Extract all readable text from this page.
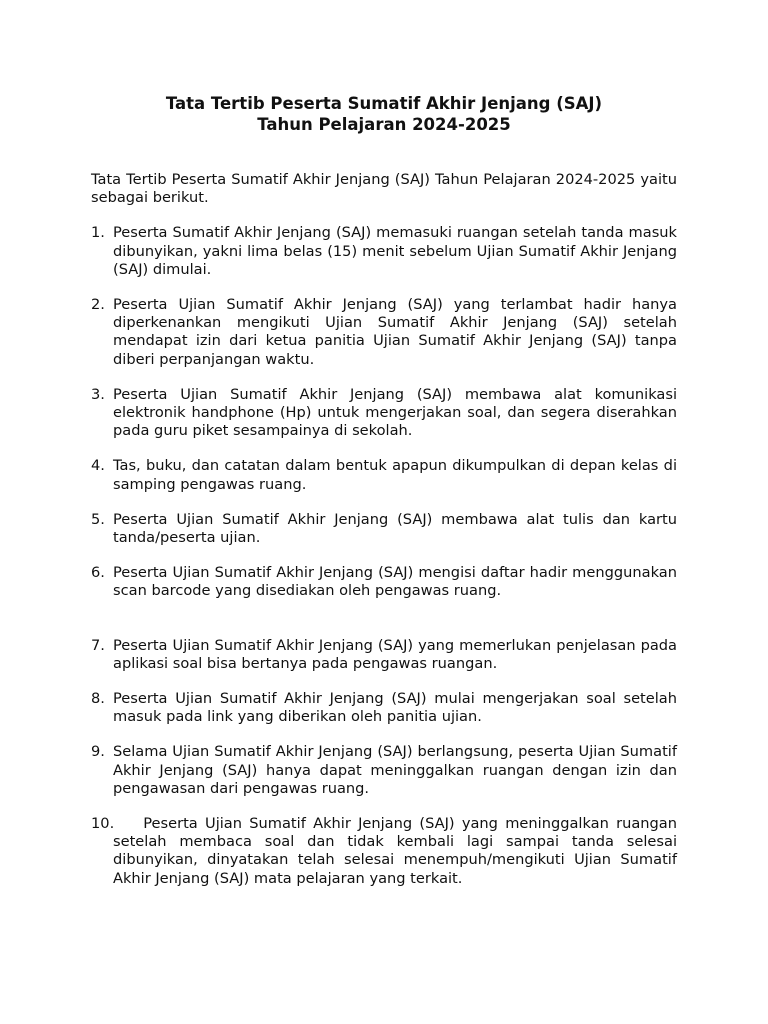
Tata Tertib Peserta Sumatif Akhir Jenjang (SAJ)
Tahun Pelajaran 2024-2025

Tata Tertib Peserta Sumatif Akhir Jenjang (SAJ) Tahun Pelajaran 2024-2025 yaitu sebagai berikut.

1. Peserta Sumatif Akhir Jenjang (SAJ) memasuki ruangan setelah tanda masuk dibunyikan, yakni lima belas (15) menit sebelum Ujian Sumatif Akhir Jenjang (SAJ) dimulai.
2. Peserta Ujian Sumatif Akhir Jenjang (SAJ) yang terlambat hadir hanya diperkenankan mengikuti Ujian Sumatif Akhir Jenjang (SAJ) setelah mendapat izin dari ketua panitia Ujian Sumatif Akhir Jenjang (SAJ) tanpa diberi perpanjangan waktu.
3. Peserta Ujian Sumatif Akhir Jenjang (SAJ) membawa alat komunikasi elektronik handphone (Hp) untuk mengerjakan soal, dan segera diserahkan pada guru piket sesampainya di sekolah.
4. Tas, buku, dan catatan dalam bentuk apapun dikumpulkan di depan kelas di samping pengawas ruang.
5. Peserta Ujian Sumatif Akhir Jenjang (SAJ) membawa alat tulis dan kartu tanda/peserta ujian.
6. Peserta Ujian Sumatif Akhir Jenjang (SAJ) mengisi daftar hadir menggunakan scan barcode yang disediakan oleh pengawas ruang.
7. Peserta Ujian Sumatif Akhir Jenjang (SAJ) yang memerlukan penjelasan pada aplikasi soal bisa bertanya pada pengawas ruangan.
8. Peserta Ujian Sumatif Akhir Jenjang (SAJ) mulai mengerjakan soal setelah masuk pada link yang diberikan oleh panitia ujian.
9. Selama Ujian Sumatif Akhir Jenjang (SAJ) berlangsung, peserta Ujian Sumatif Akhir Jenjang (SAJ) hanya dapat meninggalkan ruangan dengan izin dan pengawasan dari pengawas ruang.
10. Peserta Ujian Sumatif Akhir Jenjang (SAJ) yang meninggalkan ruangan setelah membaca soal dan tidak kembali lagi sampai tanda selesai dibunyikan, dinyatakan telah selesai menempuh/mengikuti Ujian Sumatif Akhir Jenjang (SAJ) mata pelajaran yang terkait.
